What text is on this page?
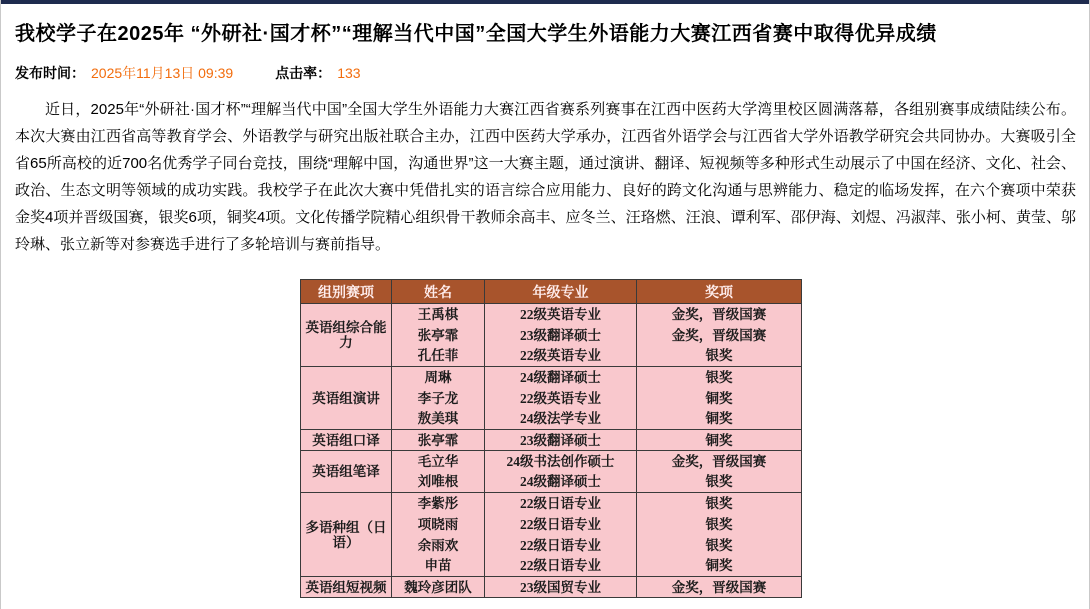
我校学子在2025年 “外研社·国才杯”“理解当代中国”全国大学生外语能力大赛江西省赛中取得优异成绩
发布时间： 2025年11月13日 09:39	点击率： 133

近日，2025年“外研社·国才杯”“理解当代中国”全国大学生外语能力大赛江西省赛系列赛事在江西中医药大学湾里校区圆满落幕，各组别赛事成绩陆续公布。本次大赛由江西省高等教育学会、外语教学与研究出版社联合主办，江西中医药大学承办，江西省外语学会与江西省大学外语教学研究会共同协办。大赛吸引全省65所高校的近700名优秀学子同台竞技，围绕“理解中国，沟通世界”这一大赛主题，通过演讲、翻译、短视频等多种形式生动展示了中国在经济、文化、社会、政治、生态文明等领域的成功实践。我校学子在此次大赛中凭借扎实的语言综合应用能力、良好的跨文化沟通与思辨能力、稳定的临场发挥，在六个赛项中荣获金奖4项并晋级国赛，银奖6项，铜奖4项。文化传播学院精心组织骨干教师余高丰、应冬兰、汪珞燃、汪浪、谭利军、邵伊海、刘煜、冯淑萍、张小柯、黄莹、邬玲琳、张立新等对参赛选手进行了多轮培训与赛前指导。

组别赛项	姓名	年级专业	奖项
英语组综合能力	王禹棋	22级英语专业	金奖，晋级国赛
	张亭霏	23级翻译硕士	金奖，晋级国赛
	孔任菲	22级英语专业	银奖
英语组演讲	周琳	24级翻译硕士	银奖
	李子龙	22级英语专业	铜奖
	敖美琪	24级法学专业	铜奖
英语组口译	张亭霏	23级翻译硕士	铜奖
英语组笔译	毛立华	24级书法创作硕士	金奖，晋级国赛
	刘唯根	24级翻译硕士	银奖
多语种组（日语）	李紫彤	22级日语专业	银奖
	项晓雨	22级日语专业	银奖
	余雨欢	22级日语专业	银奖
	申苗	22级日语专业	铜奖
英语组短视频	魏玲彦团队	23级国贸专业	金奖，晋级国赛
